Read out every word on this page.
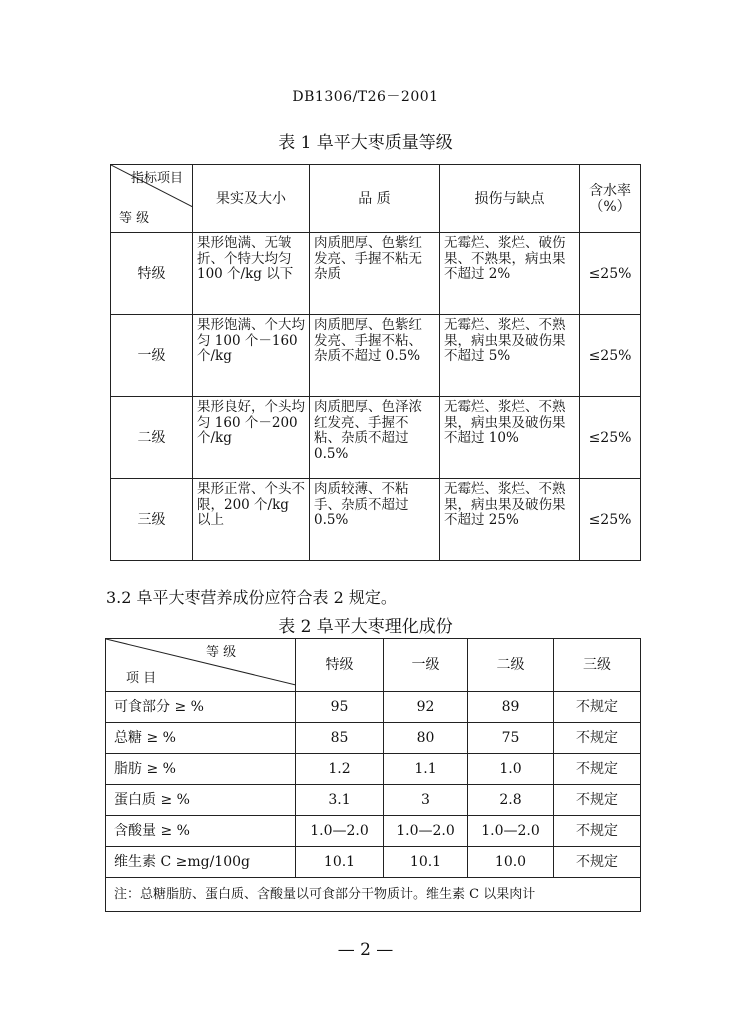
DB1306/T26－2001
表 1 阜平大枣质量等级
指标项目
等 级	果实及大小	品 质	损伤与缺点	含水率（%）
特级	果形饱满、无皱折、个特大均匀 100 个/kg 以下	肉质肥厚、色紫红发亮、手握不粘无杂质	无霉烂、浆烂、破伤果、不熟果，病虫果不超过 2%	≤25%
一级	果形饱满、个大均匀 100 个－160 个/kg	肉质肥厚、色紫红发亮、手握不粘、杂质不超过 0.5%	无霉烂、浆烂、不熟果，病虫果及破伤果不超过 5%	≤25%
二级	果形良好，个头均匀 160 个－200 个/kg	肉质肥厚、色泽浓红发亮、手握不粘、杂质不超过 0.5%	无霉烂、浆烂、不熟果，病虫果及破伤果不超过 10%	≤25%
三级	果形正常、个头不限，200 个/kg 以上	肉质较薄、不粘手、杂质不超过 0.5%	无霉烂、浆烂、不熟果，病虫果及破伤果不超过 25%	≤25%
3.2 阜平大枣营养成份应符合表 2 规定。
表 2 阜平大枣理化成份
等 级
项 目	特级	一级	二级	三级
可食部分 ≥ %	95	92	89	不规定
总糖 ≥ %	85	80	75	不规定
脂肪 ≥ %	1.2	1.1	1.0	不规定
蛋白质 ≥ %	3.1	3	2.8	不规定
含酸量 ≥ %	1.0—2.0	1.0—2.0	1.0—2.0	不规定
维生素 C ≥mg/100g	10.1	10.1	10.0	不规定
注：总糖脂肪、蛋白质、含酸量以可食部分干物质计。维生素 C 以果肉计				
— 2 —
